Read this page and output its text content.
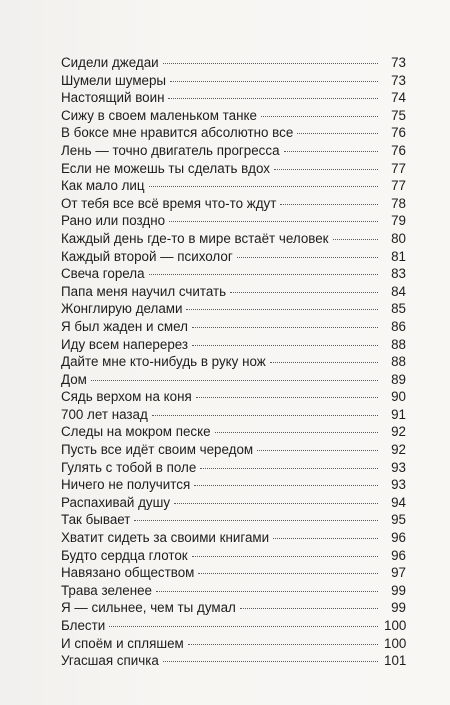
Сидели джедаи	73
Шумели шумеры	73
Настоящий воин	74
Сижу в своем маленьком танке	75
В боксе мне нравится абсолютно все	76
Лень — точно двигатель прогресса	76
Если не можешь ты сделать вдох	77
Как мало лиц	77
От тебя все всё время что-то ждут	78
Рано или поздно	79
Каждый день где-то в мире встаёт человек	80
Каждый второй — психолог	81
Свеча горела	83
Папа меня научил считать	84
Жонглирую делами	85
Я был жаден и смел	86
Иду всем наперерез	88
Дайте мне кто-нибудь в руку нож	88
Дом	89
Сядь верхом на коня	90
700 лет назад	91
Следы на мокром песке	92
Пусть все идёт своим чередом	92
Гулять с тобой в поле	93
Ничего не получится	93
Распахивай душу	94
Так бывает	95
Хватит сидеть за своими книгами	96
Будто сердца глоток	96
Навязано обществом	97
Трава зеленее	99
Я — сильнее, чем ты думал	99
Блести	100
И споём и спляшем	100
Угасшая спичка	101
